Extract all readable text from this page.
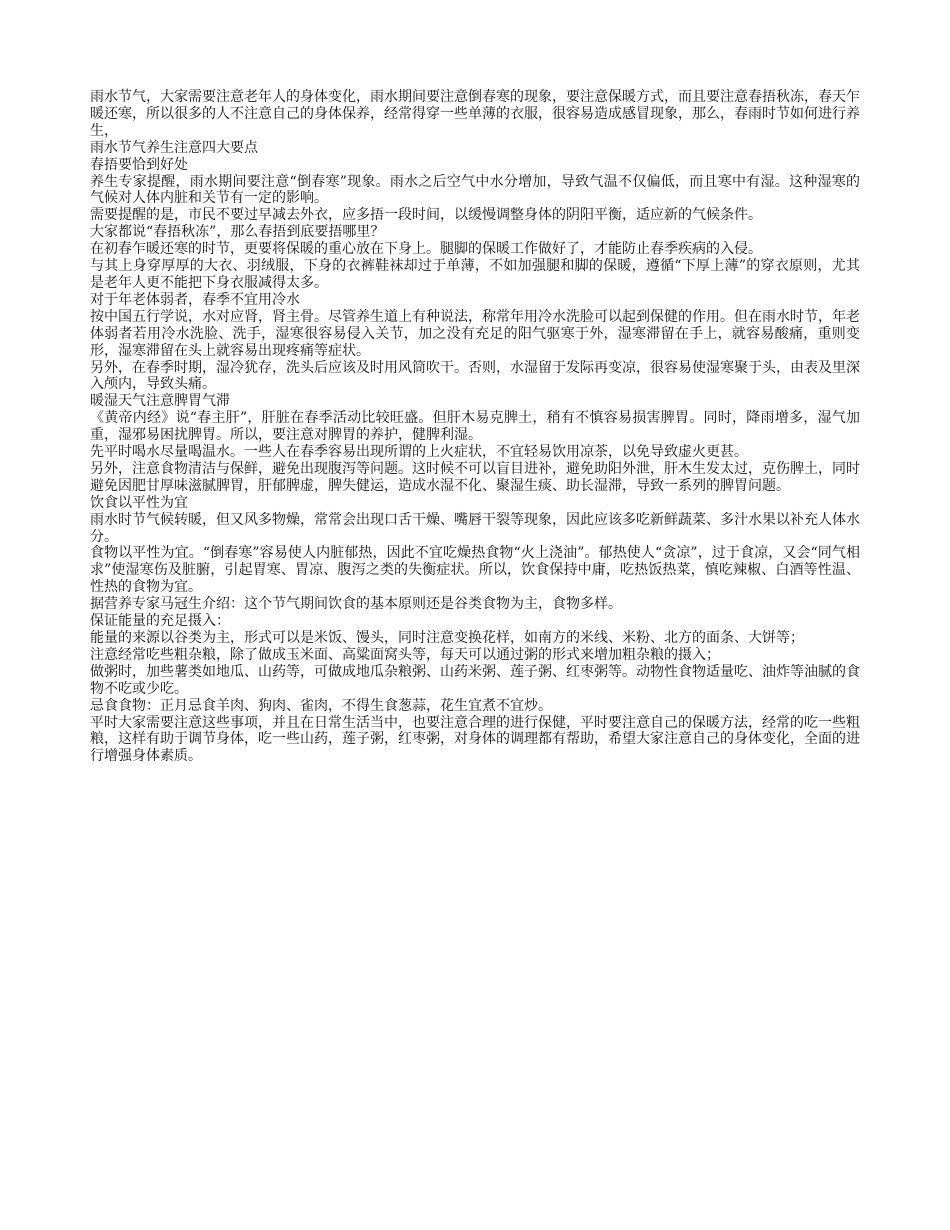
雨水节气，大家需要注意老年人的身体变化，雨水期间要注意倒春寒的现象，要注意保暖方式，而且要注意春捂秋冻，春天乍暖还寒，所以很多的人不注意自己的身体保养，经常得穿一些单薄的衣服，很容易造成感冒现象，那么，春雨时节如何进行养生，

雨水节气养生注意四大要点

春捂要恰到好处

养生专家提醒，雨水期间要注意“倒春寒”现象。雨水之后空气中水分增加，导致气温不仅偏低，而且寒中有湿。这种湿寒的气候对人体内脏和关节有一定的影响。

需要提醒的是，市民不要过早减去外衣，应多捂一段时间，以缓慢调整身体的阴阳平衡，适应新的气候条件。

大家都说“春捂秋冻”，那么春捂到底要捂哪里？

在初春乍暖还寒的时节，更要将保暖的重心放在下身上。腿脚的保暖工作做好了，才能防止春季疾病的入侵。

与其上身穿厚厚的大衣、羽绒服，下身的衣裤鞋袜却过于单薄，不如加强腿和脚的保暖，遵循“下厚上薄”的穿衣原则，尤其是老年人更不能把下身衣服减得太多。

对于年老体弱者，春季不宜用冷水

按中国五行学说，水对应肾，肾主骨。尽管养生道上有种说法，称常年用冷水洗脸可以起到保健的作用。但在雨水时节，年老体弱者若用冷水洗脸、洗手，湿寒很容易侵入关节，加之没有充足的阳气驱寒于外，湿寒滞留在手上，就容易酸痛，重则变形，湿寒滞留在头上就容易出现疼痛等症状。

另外，在春季时期，湿冷犹存，洗头后应该及时用风筒吹干。否则，水湿留于发际再变凉，很容易使湿寒聚于头，由表及里深入颅内，导致头痛。

暖湿天气注意脾胃气滞

《黄帝内经》说“春主肝”，肝脏在春季活动比较旺盛。但肝木易克脾土，稍有不慎容易损害脾胃。同时，降雨增多，湿气加重，湿邪易困扰脾胃。所以，要注意对脾胃的养护，健脾利湿。

先平时喝水尽量喝温水。一些人在春季容易出现所谓的上火症状，不宜轻易饮用凉茶，以免导致虚火更甚。

另外，注意食物清洁与保鲜，避免出现腹泻等问题。这时候不可以盲目进补，避免助阳外泄，肝木生发太过，克伤脾土，同时避免因肥甘厚味滋腻脾胃，肝郁脾虚，脾失健运，造成水湿不化、聚湿生痰、助长湿滞，导致一系列的脾胃问题。

饮食以平性为宜

雨水时节气候转暖，但又风多物燥，常常会出现口舌干燥、嘴唇干裂等现象，因此应该多吃新鲜蔬菜、多汁水果以补充人体水分。

食物以平性为宜。“倒春寒”容易使人内脏郁热，因此不宜吃燥热食物“火上浇油”。郁热使人“贪凉”，过于食凉，又会“同气相求”使湿寒伤及脏腑，引起胃寒、胃凉、腹泻之类的失衡症状。所以，饮食保持中庸，吃热饭热菜，慎吃辣椒、白酒等性温、性热的食物为宜。

据营养专家马冠生介绍：这个节气期间饮食的基本原则还是谷类食物为主，食物多样。

保证能量的充足摄入：

能量的来源以谷类为主，形式可以是米饭、馒头，同时注意变换花样，如南方的米线、米粉、北方的面条、大饼等；

注意经常吃些粗杂粮，除了做成玉米面、高粱面窝头等，每天可以通过粥的形式来增加粗杂粮的摄入；

做粥时，加些薯类如地瓜、山药等，可做成地瓜杂粮粥、山药米粥、莲子粥、红枣粥等。动物性食物适量吃、油炸等油腻的食物不吃或少吃。

忌食食物：正月忌食羊肉、狗肉、雀肉，不得生食葱蒜，花生宜煮不宜炒。

平时大家需要注意这些事项，并且在日常生活当中，也要注意合理的进行保健，平时要注意自己的保暖方法，经常的吃一些粗粮，这样有助于调节身体，吃一些山药，莲子粥，红枣粥，对身体的调理都有帮助，希望大家注意自己的身体变化，全面的进行增强身体素质。
